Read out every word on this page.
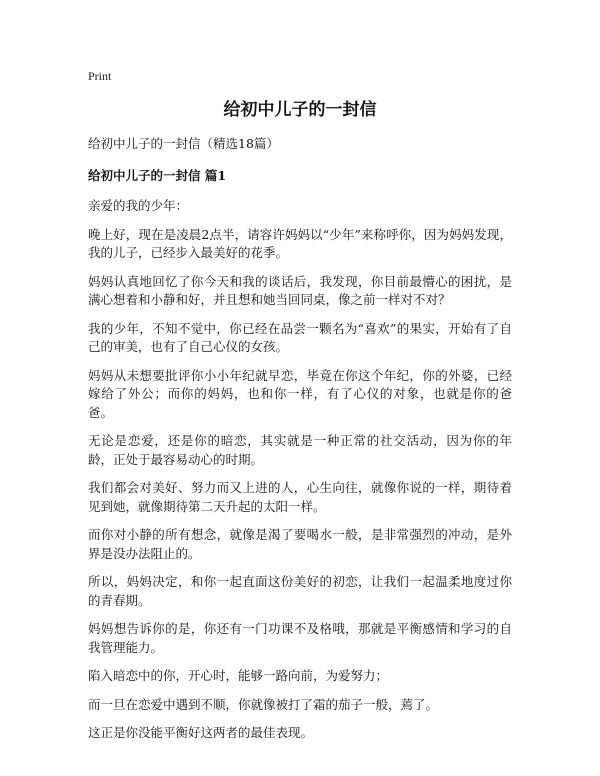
Print
给初中儿子的一封信
给初中儿子的一封信（精选18篇）
给初中儿子的一封信 篇1

亲爱的我的少年：

晚上好，现在是凌晨2点半，请容许妈妈以“少年”来称呼你，因为妈妈发现，我的儿子，已经步入最美好的花季。

妈妈认真地回忆了你今天和我的谈话后，我发现，你目前最懵心的困扰，是满心想着和小静和好，并且想和她当回同桌，像之前一样对不对？

我的少年，不知不觉中，你已经在品尝一颗名为“喜欢”的果实，开始有了自己的审美，也有了自己心仪的女孩。

妈妈从未想要批评你小小年纪就早恋，毕竟在你这个年纪，你的外婆，已经嫁给了外公；而你的妈妈，也和你一样，有了心仪的对象，也就是你的爸爸。

无论是恋爱，还是你的暗恋，其实就是一种正常的社交活动，因为你的年龄，正处于最容易动心的时期。

我们都会对美好、努力而又上进的人，心生向往，就像你说的一样，期待着见到她，就像期待第二天升起的太阳一样。

而你对小静的所有想念，就像是渴了要喝水一般，是非常强烈的冲动，是外界是没办法阻止的。

所以，妈妈决定，和你一起直面这份美好的初恋，让我们一起温柔地度过你的青春期。

妈妈想告诉你的是，你还有一门功课不及格哦，那就是平衡感情和学习的自我管理能力。

陷入暗恋中的你，开心时，能够一路向前，为爱努力；

而一旦在恋爱中遇到不顺，你就像被打了霜的茄子一般，蔫了。

这正是你没能平衡好这两者的最佳表现。
